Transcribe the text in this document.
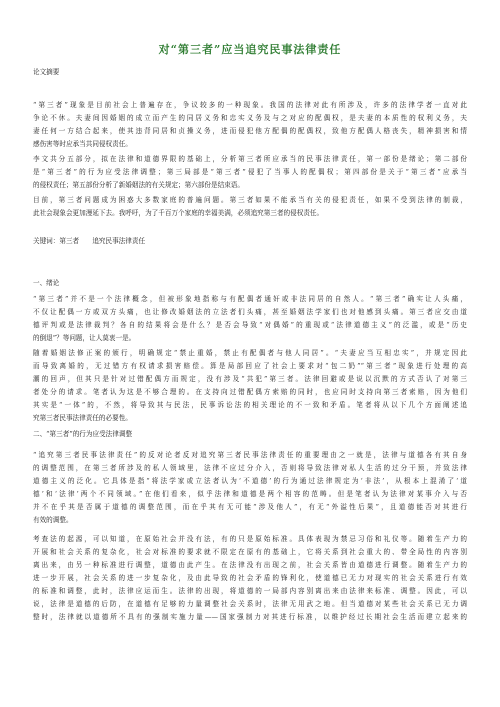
对“第三者”应当追究民事法律责任
论文摘要
“第三者”现象是目前社会上普遍存在，争议较多的一种现象。我国的法律对此有所涉及，许多的法律学者一直对此
争论不休。夫妻间因婚姻的成立而产生的同居义务和忠实义务及与之对应的配偶权，是夫妻的本质性的权利义务，夫
妻任何一方结合起来，使其违背同居和贞操义务，进而侵犯他方配偶的配偶权，致他方配偶人格丧失，精神损害和情
感伤害等时应承当共同侵权责任。
李文共分五部分，拟在法律和道德界限的基础上，分析第三者所应承当的民事法律责任，第一部份是绪论；第二部份
是“第三者”的行为应受法律调整；第三局部是“第三者”侵犯了当事人的配偶权；第四部份是关于“第三者”应承当
的侵权责任；第五部份分析了新婚姻法的有关规定；第六部份是结束语。
目前，第三者问题成为困惑大多数家庭的普遍问题。第三者如果不能承当有关的侵犯责任，如果不受到法律的制裁，
此社会现象会更加漫延下去。我呼吁，为了千百万个家庭的幸福美满，必须追究第三者的侵权责任。
关键词：第三者　　追究民事法律责任
一、绪论
“第三者”并不是一个法律概念，但被形象地指称与有配偶者通奸或非法同居的自然人。“第三者”确实让人头痛，
不仅让配偶一方或双方头痛，也让修改婚姻法的立法者们头痛，甚至婚姻法学家们也对他感到头痛。第三者应交由道
德评判或是法律裁判？各自的结果将会是什么？是否会导致“对偶婚”的重现或“法律道德主义”的泛滥，或是“历史
的倒退”？等问题，让人莫衷一是。
随着婚姻法修正案的颁行，明确规定“禁止重婚，禁止有配偶者与他人同居”。“夫妻应当互相忠实”，并规定因此
而导致离婚的，无过错方有权请求损害赔偿。算是局部回应了社会上要求对“包二奶”“第三者”现象进行处理的高
潮的回声，但其只是针对过错配偶方而规定，没有涉及“共犯”第三者。法律回避或是说以沉默的方式否认了对第三
者处分的请求。笔者认为这是不够合理的。在支持向过错配偶方索赔的同时，也应同时支持向第三者索赔，因为他们
其实是“一体”的，不然，将导致其与民法，民事诉讼法的相关理论的不一致和矛盾。笔者将从以下几个方面阐述追
究第三者民事法律责任的必要性。
二、“第三者”的行为应受法律调整
“追究第三者民事法律责任”的反对论者反对追究第三者民事法律责任的重要理由之一就是，法律与道德各有其自身
的调整范围，在第三者所涉及的私人领域里，法律不应过分介入，否则将导致法律对私人生活的过分干预，并致法律
道德主义的泛化。它具体是指“将法学家或立法者认为‘不道德’的行为通过法律规定为‘非法’，从根本上混淆了‘道
德’和‘法律’两个不同领域。”在他们看来，似乎法律和道德是两个相容的范畴。但是笔者认为法律对某事介入与否
并不在乎其是否属于道德的调整范围，而在乎其有无可能“涉及他人”，有无“外溢性后果”，且道德能否对其进行
有效的调整。
考查法的起源，可以知道，在原始社会并没有法，有的只是原始标准。具体表现为禁忌习俗和礼仪等。随着生产力的
开展和社会关系的复杂化，社会对标准的要求就不限定在原有的基础上，它将关系到社会重大的、带全局性的内容别
离出来，由另一种标准进行调整，道德由此产生。在法律没有出现之前，社会关系皆由道德进行调整。随着生产力的
进一步开展，社会关系的进一步复杂化，及由此导致的社会矛盾的锋利化，使道德已无力对现实的社会关系进行有效
的标准和调整，此时，法律应运而生。法律的出现，将道德的一局部内容别离出来由法律来标准、调整。因此，可以
说，法律是道德的后防，在道德有足够的力量调整社会关系时，法律无用武之地。但当道德对某些社会关系已无力调
整时，法律就以道德所不具有的强制实施力量——国家强制力对其进行标准，以维护经过长期社会生活而建立起来的
